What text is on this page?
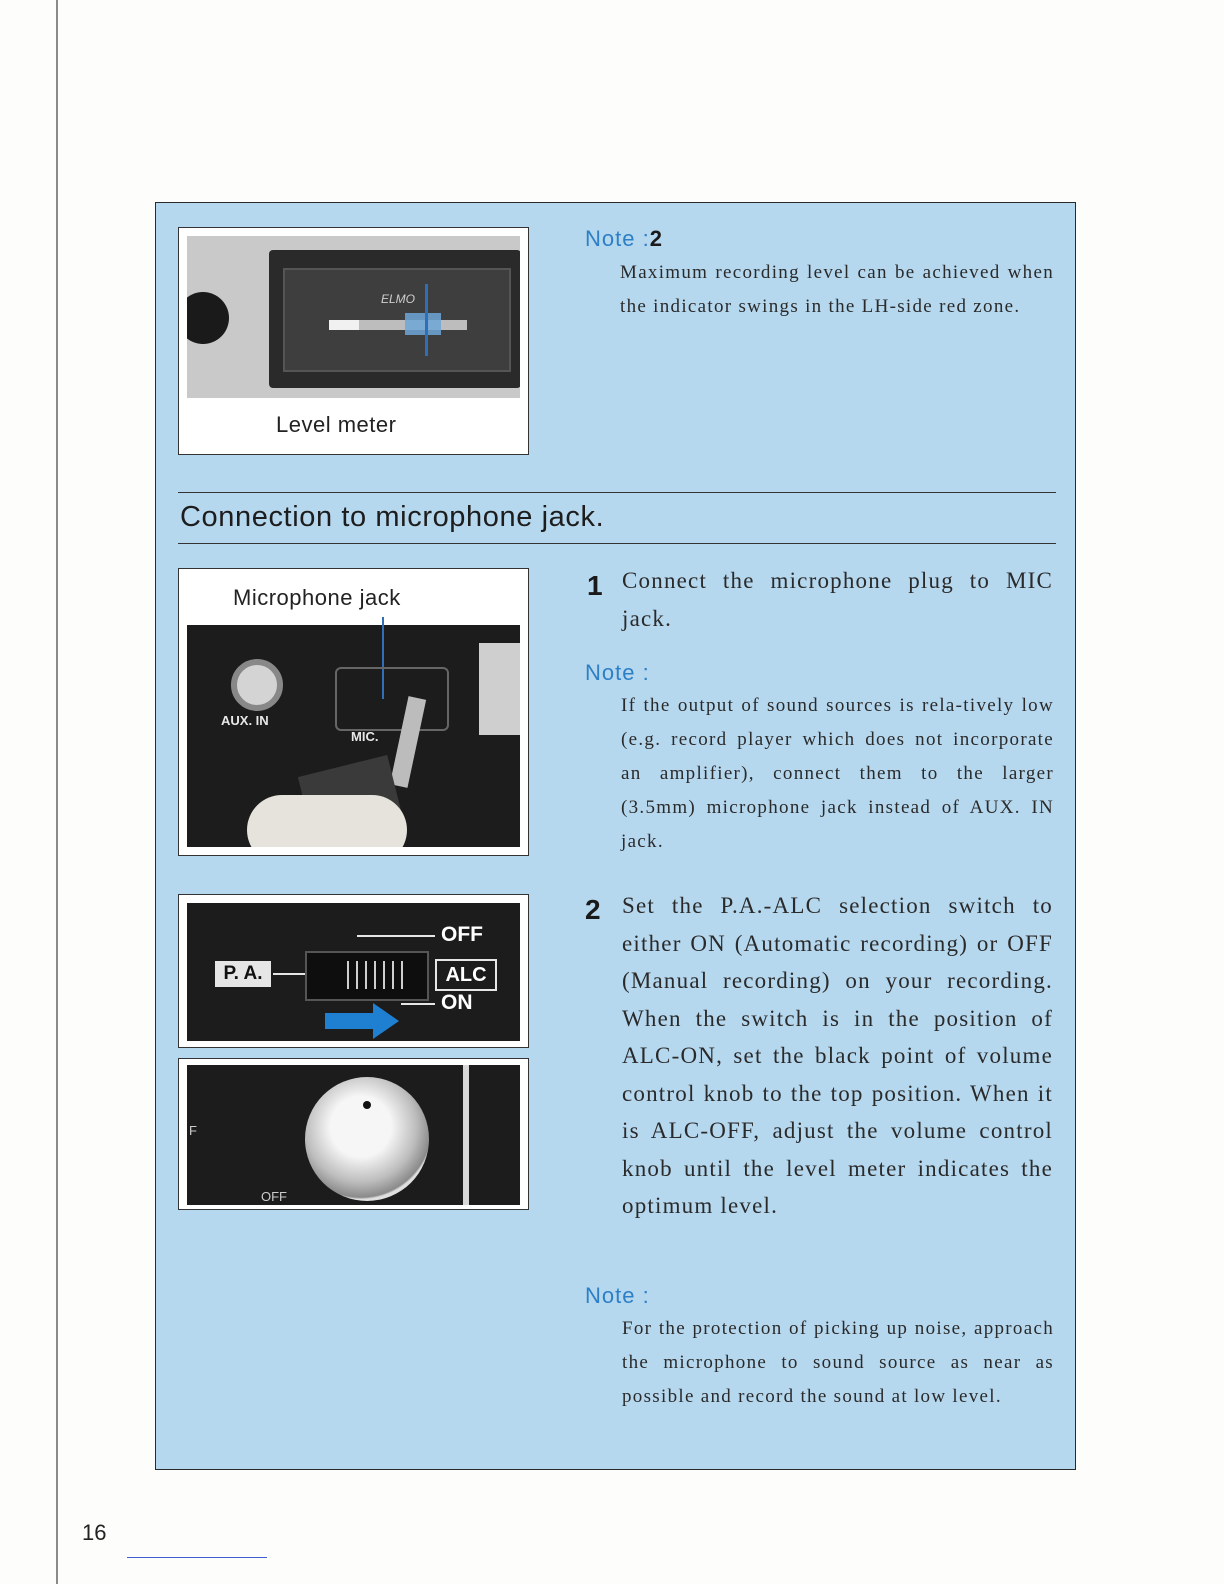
ELMO
Level meter
Note :2
Maximum recording level can be achieved when the indicator swings in the LH-side red zone.
Connection to microphone jack.
Microphone jack
AUX. IN
MIC.
1 Connect the microphone plug to MIC jack.
Note :
If the output of sound sources is rela-tively low (e.g. record player which does not incorporate an amplifier), connect them to the larger (3.5mm) microphone jack instead of AUX. IN jack.
P. A.
OFF
ALC
ON
F
OFF
2 Set the P.A.-ALC selection switch to either ON (Automatic recording) or OFF (Manual recording) on your recording. When the switch is in the position of ALC-ON, set the black point of volume control knob to the top position. When it is ALC-OFF, adjust the volume control knob until the level meter indicates the optimum level.
Note :
For the protection of picking up noise, approach the microphone to sound source as near as possible and record the sound at low level.
16
